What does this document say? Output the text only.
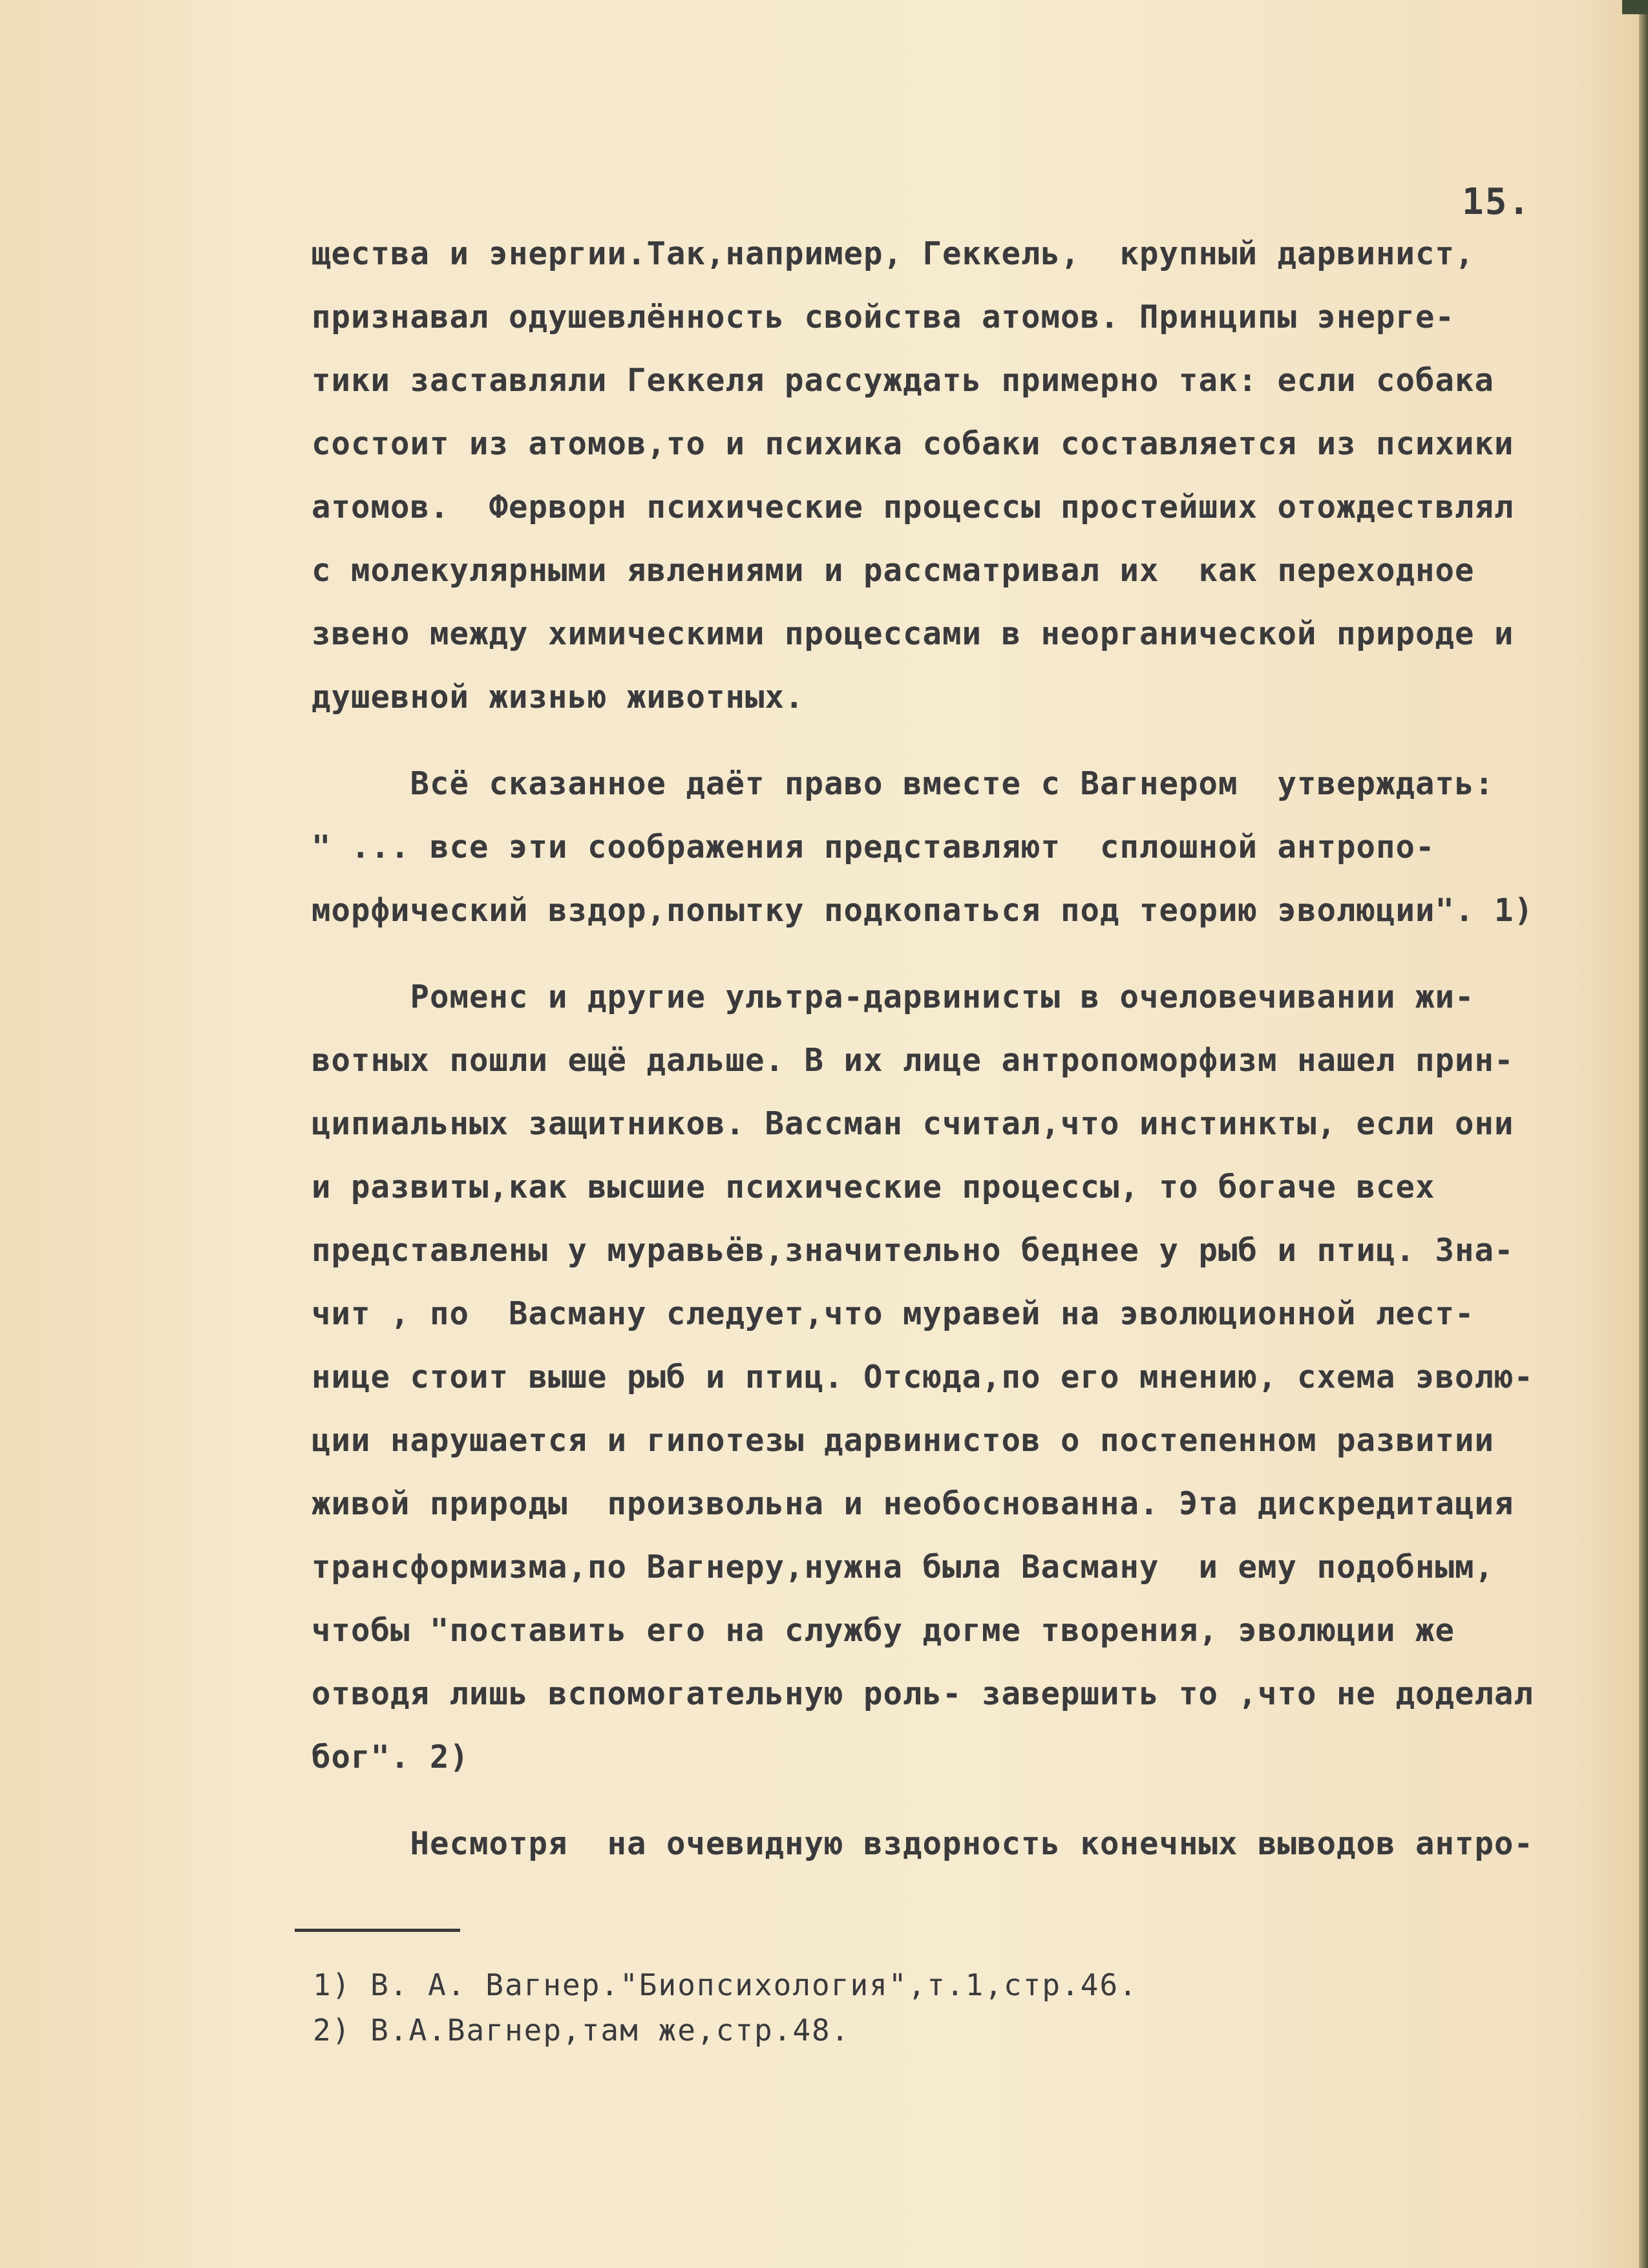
15.

щества и энергии.Так,например, Геккель,  крупный дарвинист,

признавал одушевлённость свойства атомов. Принципы энерге-

тики заставляли Геккеля рассуждать примерно так: если собака

состоит из атомов,то и психика собаки составляется из психики

атомов.  Ферворн психические процессы простейших отождествлял

с молекулярными явлениями и рассматривал их  как переходное

звено между химическими процессами в неорганической природе и

душевной жизнью животных.

Всё сказанное даёт право вместе с Вагнером  утверждать:

" ... все эти соображения представляют  сплошной антропо-

морфический вздор,попытку подкопаться под теорию эволюции". 1)

Роменс и другие ультра-дарвинисты в очеловечивании жи-

вотных пошли ещё дальше. В их лице антропоморфизм нашел прин-

ципиальных защитников. Вассман считал,что инстинкты, если они

и развиты,как высшие психические процессы, то богаче всех

представлены у муравьёв,значительно беднее у рыб и птиц. Зна-

чит , по  Васману следует,что муравей на эволюционной лест-

нице стоит выше рыб и птиц. Отсюда,по его мнению, схема эволю-

ции нарушается и гипотезы дарвинистов о постепенном развитии

живой природы  произвольна и необоснованна. Эта дискредитация

трансформизма,по Вагнеру,нужна была Васману  и ему подобным,

чтобы "поставить его на службу догме творения, эволюции же

отводя лишь вспомогательную роль- завершить то ,что не доделал

бог". 2)

Несмотря  на очевидную вздорность конечных выводов антро-

1) В. А. Вагнер."Биопсихология",т.1,стр.46.

2) В.А.Вагнер,там же,стр.48.
